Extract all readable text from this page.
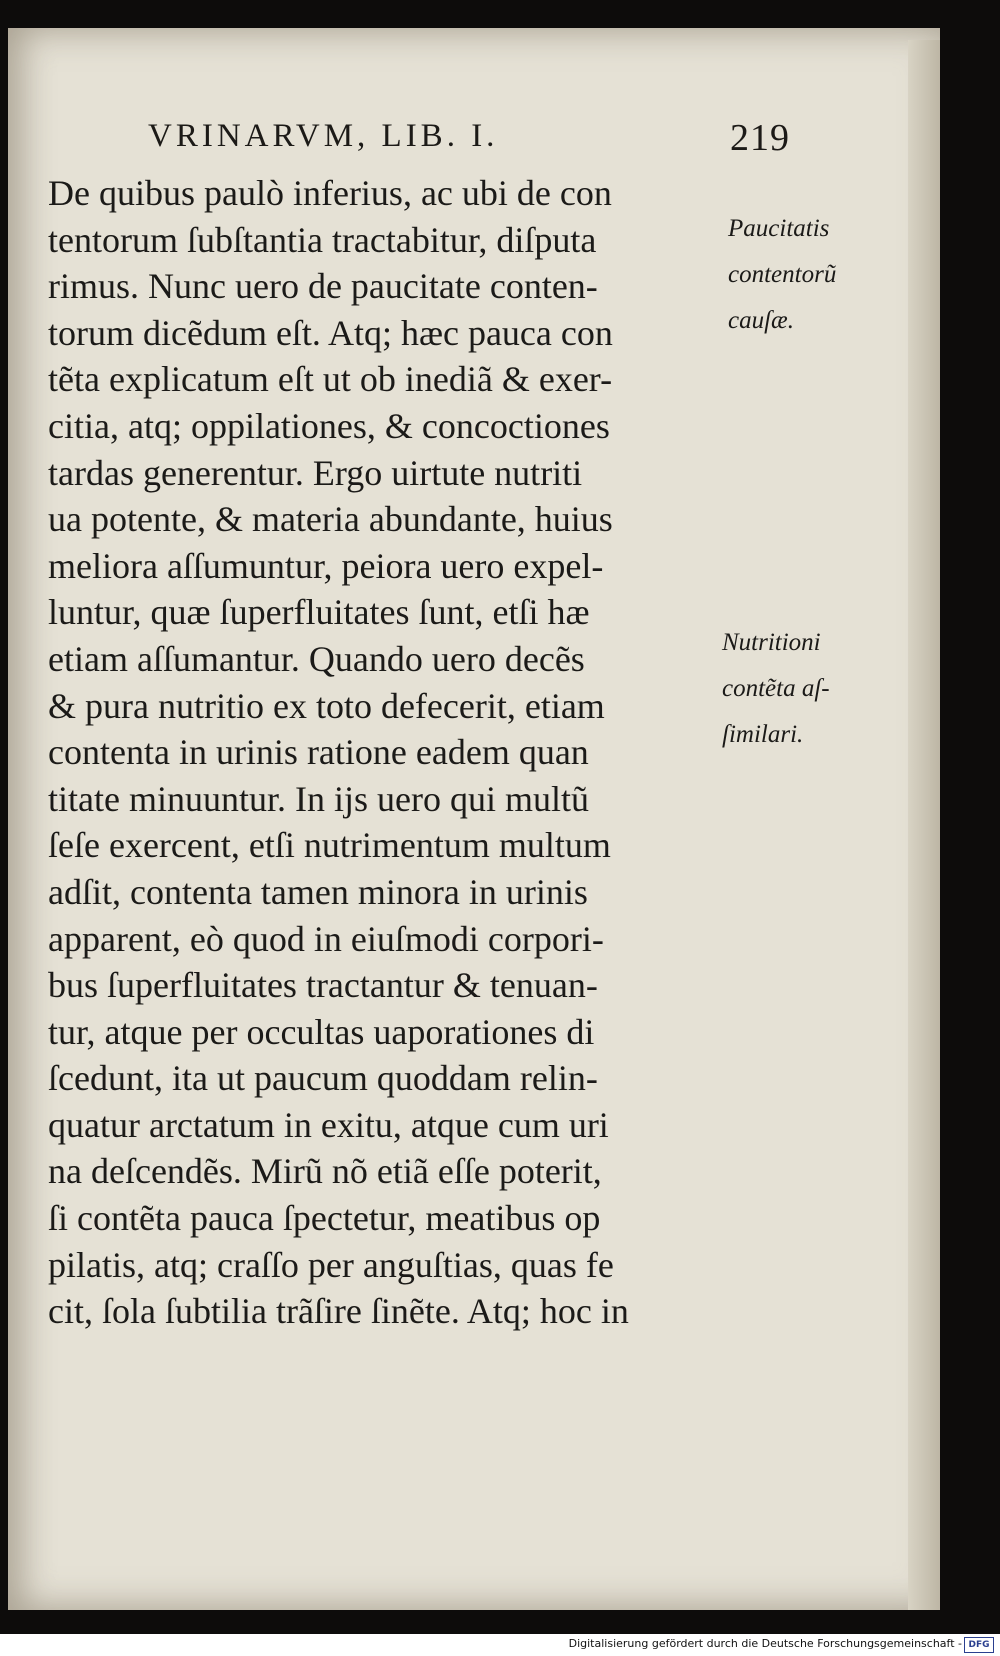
VRINARVM, LIB. I.	219
De quibus paulò inferius, ac ubi de con
tentorum ſubſtantia tractabitur, diſputa
rimus. Nunc uero de paucitate conten-
torum dicẽdum eſt. Atq; hæc pauca con
tẽta explicatum eſt ut ob inediã & exer-
citia, atq; oppilationes, & concoctiones
tardas generentur. Ergo uirtute nutriti
ua potente, & materia abundante, huius
meliora aſſumuntur, peiora uero expel-
luntur, quæ ſuperfluitates ſunt, etſi hæ
etiam aſſumantur. Quando uero decẽs
& pura nutritio ex toto defecerit, etiam
contenta in urinis ratione eadem quan
titate minuuntur. In ijs uero qui multũ
ſeſe exercent, etſi nutrimentum multum
adſit, contenta tamen minora in urinis
apparent, eò quod in eiuſmodi corpori-
bus ſuperfluitates tractantur & tenuan-
tur, atque per occultas uaporationes di
ſcedunt, ita ut paucum quoddam relin-
quatur arctatum in exitu, atque cum uri
na deſcendẽs. Mirũ nõ etiã eſſe poterit,
ſi contẽta pauca ſpectetur, meatibus op
pilatis, atq; craſſo per anguſtias, quas fe
cit, ſola ſubtilia trãſire ſinẽte. Atq; hoc in
Paucitatis
contentorũ
cauſæ.
Nutritioni
contẽta aſ-
ſimilari.
Digitalisierung gefördert durch die Deutsche Forschungsgemeinschaft - DFG
